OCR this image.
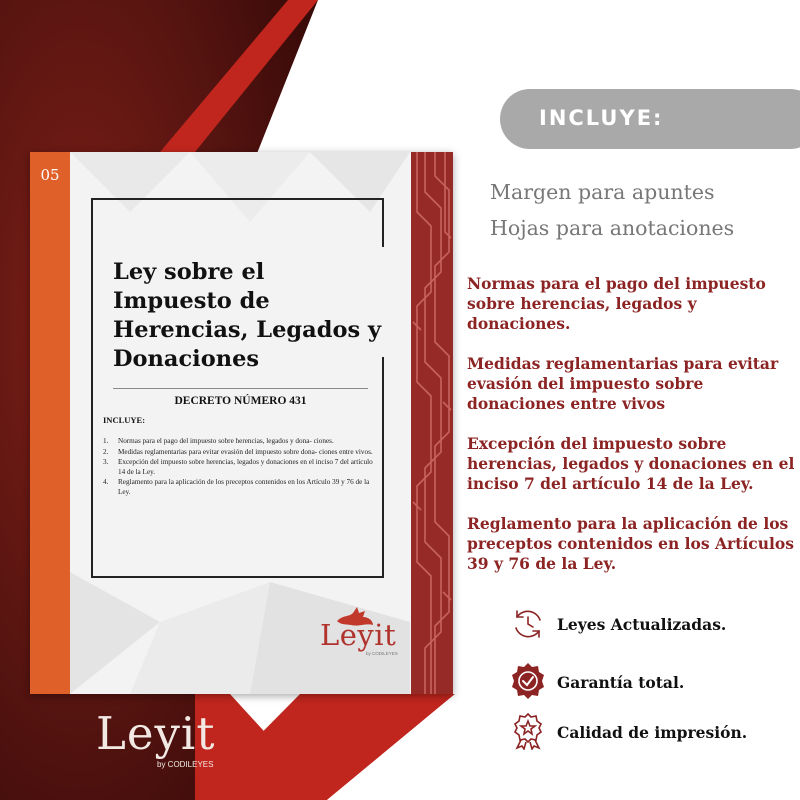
05
Ley sobre el
Impuesto de
Herencias, Legados y
Donaciones
DECRETO NÚMERO 431
INCLUYE:
1. Normas para el pago del impuesto sobre herencias, legados y dona- ciones.
2. Medidas reglamentarias para evitar evasión del impuesto sobre dona- ciones entre vivos.
3. Excepción del impuesto sobre herencias, legados y donaciones en el inciso 7 del artículo 14 de la Ley.
4. Reglamento para la aplicación de los preceptos contenidos en los Artículo 39 y 76 de la Ley.
Leyit
by CODILEYES
Leyit
by CODILEYES
INCLUYE:
Margen para apuntes
Hojas para anotaciones

Normas para el pago del impuesto sobre herencias, legados y donaciones.

Medidas reglamentarias para evitar evasión del impuesto sobre donaciones entre vivos

Excepción del impuesto sobre herencias, legados y donaciones en el inciso 7 del artículo 14 de la Ley.

Reglamento para la aplicación de los preceptos contenidos en los Artículos 39 y 76 de la Ley.

Leyes Actualizadas.
Garantía total.
Calidad de impresión.
